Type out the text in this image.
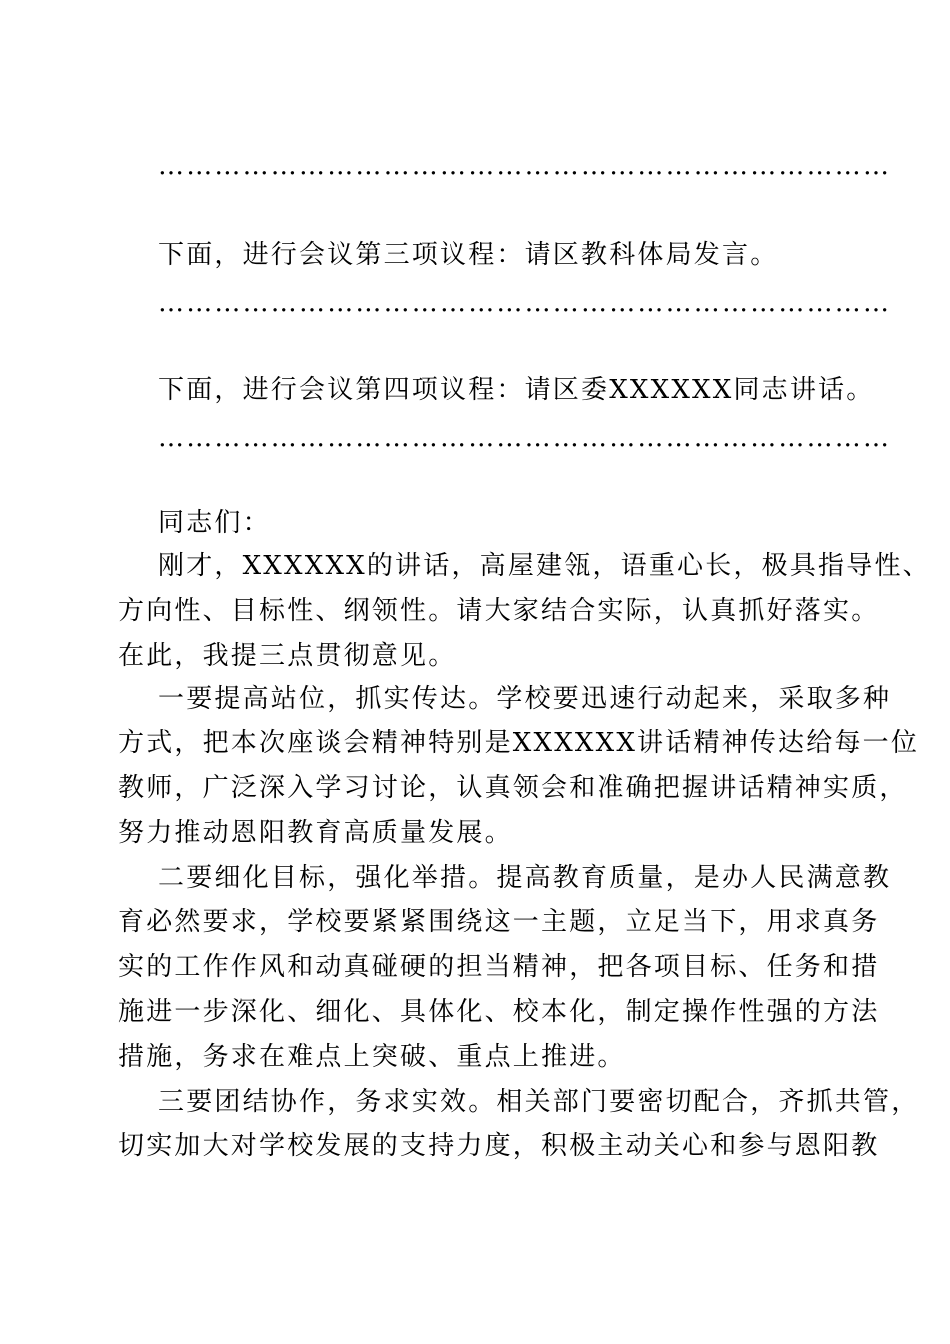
……………………………………………………………………
下面，进行会议第三项议程：请区教科体局发言。
……………………………………………………………………
下面，进行会议第四项议程：请区委XXXXXX同志讲话。
……………………………………………………………………
同志们：
刚才，XXXXXX的讲话，高屋建瓴，语重心长，极具指导性、
方向性、目标性、纲领性。请大家结合实际，认真抓好落实。
在此，我提三点贯彻意见。
一要提高站位，抓实传达。学校要迅速行动起来，采取多种
方式，把本次座谈会精神特别是XXXXXX讲话精神传达给每一位
教师，广泛深入学习讨论，认真领会和准确把握讲话精神实质，
努力推动恩阳教育高质量发展。
二要细化目标，强化举措。提高教育质量，是办人民满意教
育必然要求，学校要紧紧围绕这一主题，立足当下，用求真务
实的工作作风和动真碰硬的担当精神，把各项目标、任务和措
施进一步深化、细化、具体化、校本化，制定操作性强的方法
措施，务求在难点上突破、重点上推进。
三要团结协作，务求实效。相关部门要密切配合，齐抓共管，
切实加大对学校发展的支持力度，积极主动关心和参与恩阳教
